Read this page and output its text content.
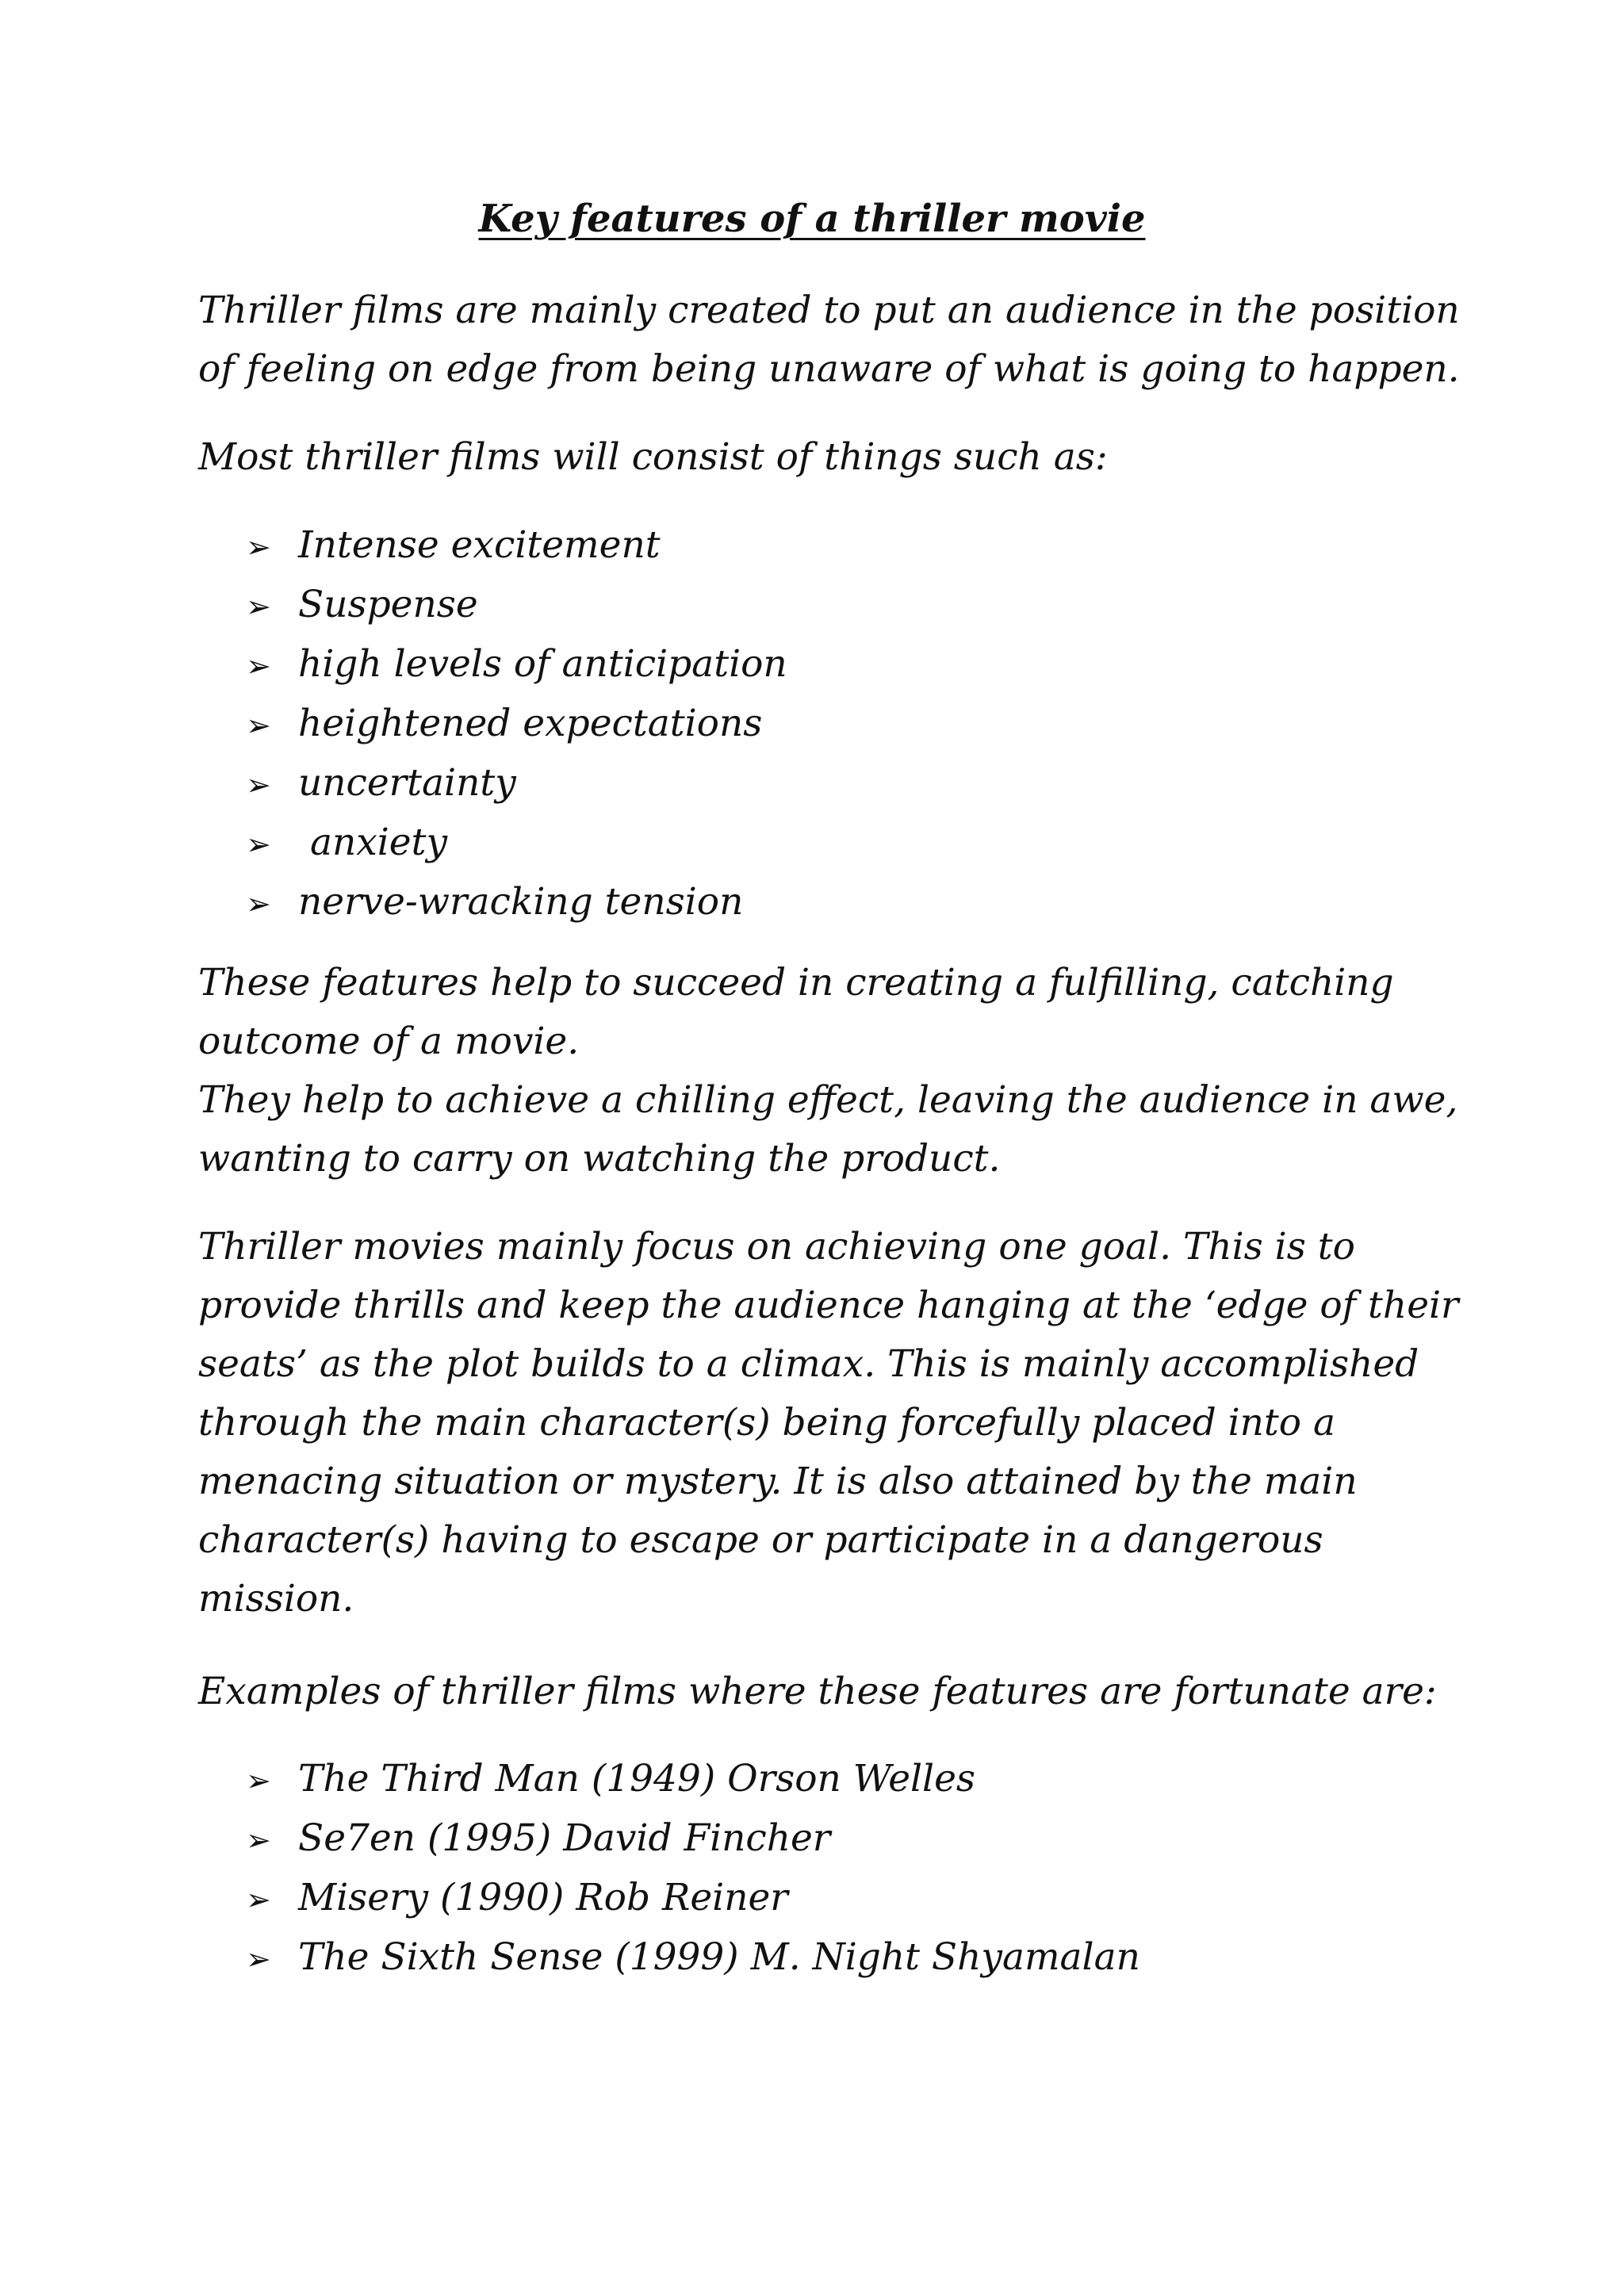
Key features of a thriller movie

Thriller films are mainly created to put an audience in the position
of feeling on edge from being unaware of what is going to happen.

Most thriller films will consist of things such as:

➢ Intense excitement
➢ Suspense
➢ high levels of anticipation
➢ heightened expectations
➢ uncertainty
➢ anxiety
➢ nerve-wracking tension

These features help to succeed in creating a fulfilling, catching
outcome of a movie.
They help to achieve a chilling effect, leaving the audience in awe,
wanting to carry on watching the product.

Thriller movies mainly focus on achieving one goal. This is to
provide thrills and keep the audience hanging at the ‘edge of their
seats’ as the plot builds to a climax. This is mainly accomplished
through the main character(s) being forcefully placed into a
menacing situation or mystery. It is also attained by the main
character(s) having to escape or participate in a dangerous
mission.

Examples of thriller films where these features are fortunate are:

➢ The Third Man (1949) Orson Welles
➢ Se7en (1995) David Fincher
➢ Misery (1990) Rob Reiner
➢ The Sixth Sense (1999) M. Night Shyamalan
